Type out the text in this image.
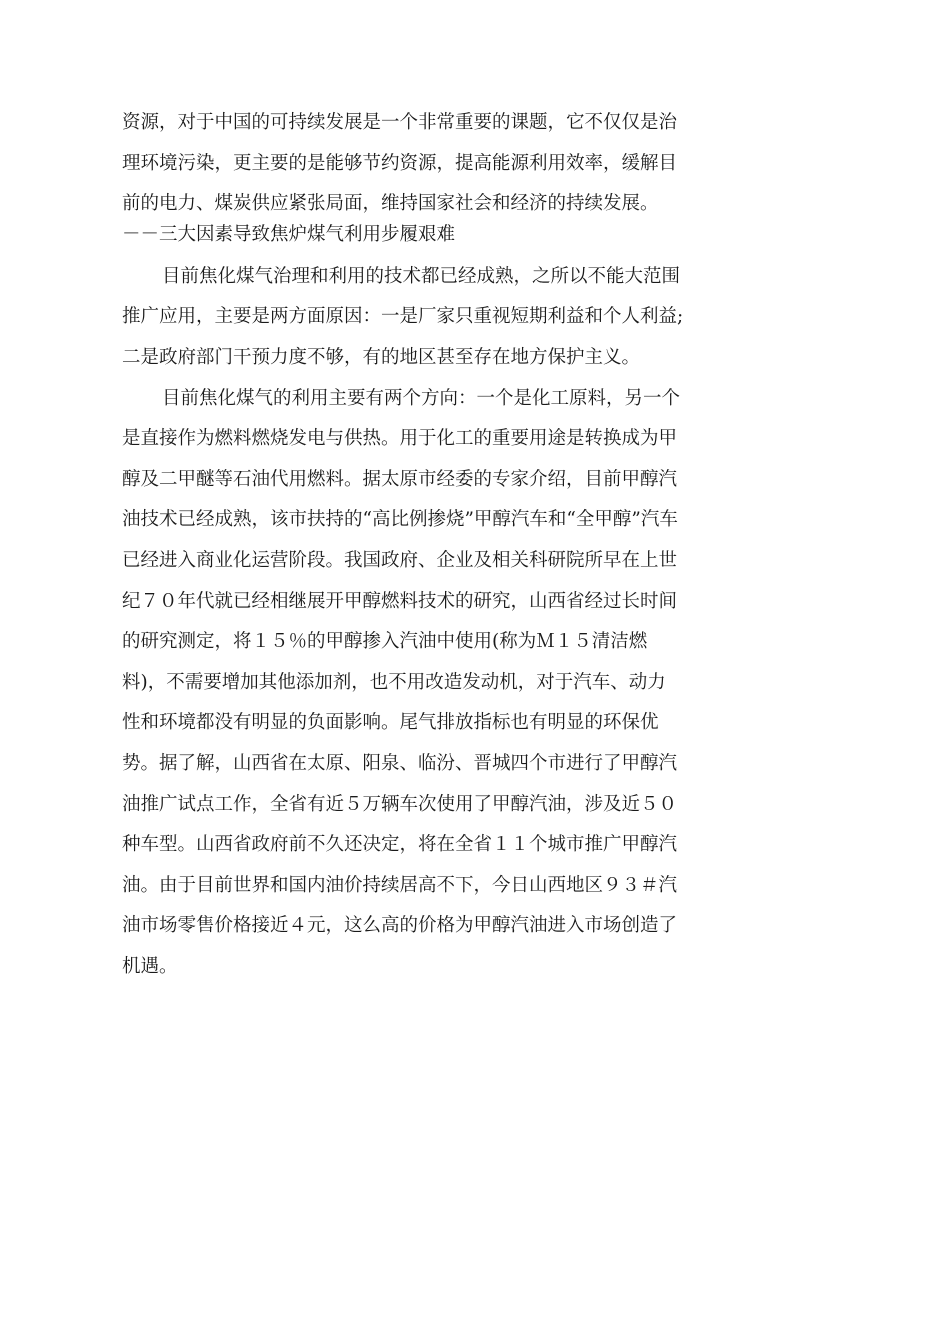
资源，对于中国的可持续发展是一个非常重要的课题，它不仅仅是治
理环境污染，更主要的是能够节约资源，提高能源利用效率，缓解目
前的电力、煤炭供应紧张局面，维持国家社会和经济的持续发展。
－－三大因素导致焦炉煤气利用步履艰难
目前焦化煤气治理和利用的技术都已经成熟，之所以不能大范围
推广应用，主要是两方面原因：一是厂家只重视短期利益和个人利益;
二是政府部门干预力度不够，有的地区甚至存在地方保护主义。
目前焦化煤气的利用主要有两个方向：一个是化工原料，另一个
是直接作为燃料燃烧发电与供热。用于化工的重要用途是转换成为甲
醇及二甲醚等石油代用燃料。据太原市经委的专家介绍，目前甲醇汽
油技术已经成熟，该市扶持的“高比例掺烧”甲醇汽车和“全甲醇”汽车
已经进入商业化运营阶段。我国政府、企业及相关科研院所早在上世
纪７０年代就已经相继展开甲醇燃料技术的研究，山西省经过长时间
的研究测定，将１５％的甲醇掺入汽油中使用(称为Ｍ１５清洁燃
料)，不需要增加其他添加剂，也不用改造发动机，对于汽车、动力
性和环境都没有明显的负面影响。尾气排放指标也有明显的环保优
势。据了解，山西省在太原、阳泉、临汾、晋城四个市进行了甲醇汽
油推广试点工作，全省有近５万辆车次使用了甲醇汽油，涉及近５０
种车型。山西省政府前不久还决定，将在全省１１个城市推广甲醇汽
油。由于目前世界和国内油价持续居高不下，今日山西地区９３＃汽
油市场零售价格接近４元，这么高的价格为甲醇汽油进入市场创造了
机遇。
